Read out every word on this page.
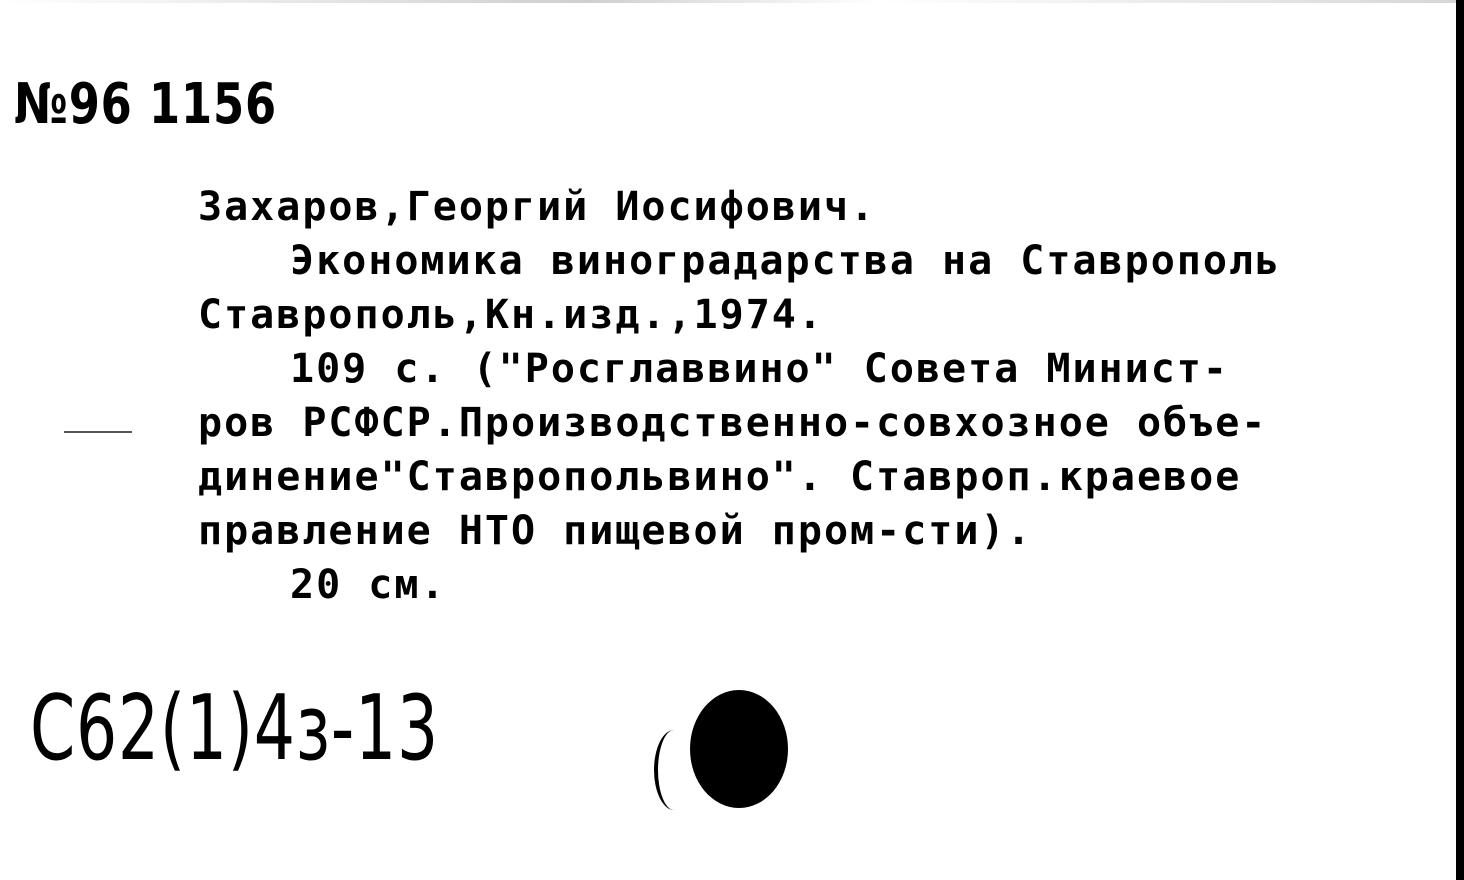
№96 1156
Захаров,Георгий Иосифович.
Экономика виноградарства на Ставрополь
Ставрополь,Кн.изд.,1974.
109 с. ("Росглаввино" Совета Минист-
ров РСФСР.Производственно-совхозное объе-
динение"Ставропольвино". Ставроп.краевое
правление НТО пищевой пром-сти).
20 см.
С62(1)4з-13
